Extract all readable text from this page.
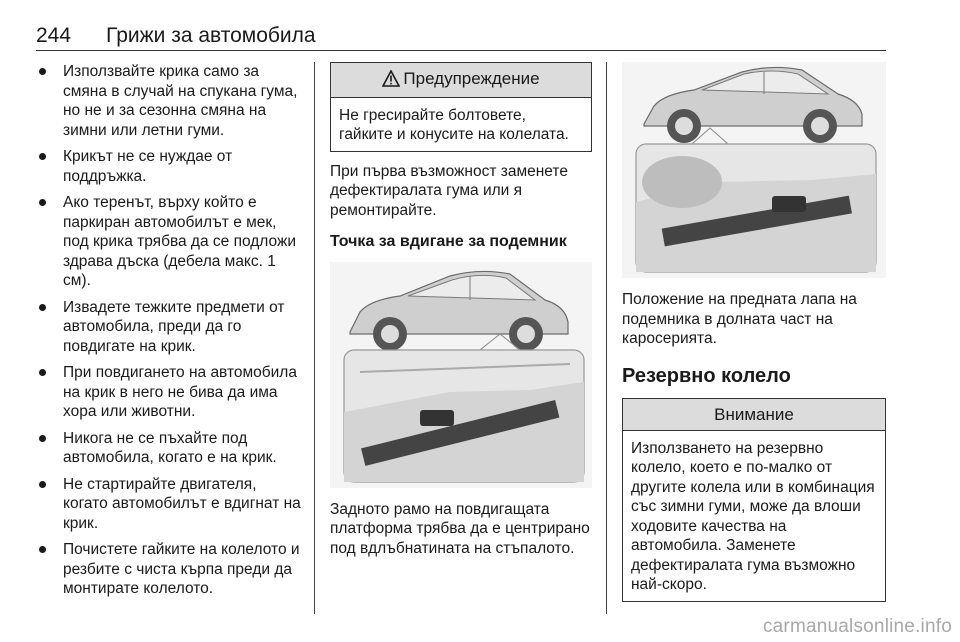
244 Грижи за автомобила
Използвайте крика само за смяна в случай на спукана гума, но не и за сезонна смяна на зимни или летни гуми.
Крикът не се нуждае от поддръжка.
Ако теренът, върху който е паркиран автомобилът е мек, под крика трябва да се подложи здрава дъска (дебела макс. 1 см).
Извадете тежките предмети от автомобила, преди да го повдигате на крик.
При повдигането на автомобила на крик в него не бива да има хора или животни.
Никога не се пъхайте под автомобила, когато е на крик.
Не стартирайте двигателя, когато автомобилът е вдигнат на крик.
Почистете гайките на колелото и резбите с чиста кърпа преди да монтирате колелото.
Предупреждение
Не гресирайте болтовете, гайките и конусите на колелата.

При първа възможност заменете дефектиралата гума или я ремонтирайте.

Точка за вдигане за подемник

Задното рамо на повдигащата платформа трябва да е центрирано под вдлъбнатината на стъпалото.

Положение на предната лапа на подемника в долната част на каросерията.

Резервно колело

Внимание
Използването на резервно колело, което е по-малко от другите колела или в комбинация със зимни гуми, може да влоши ходовите качества на автомобила. Заменете дефектиралата гума възможно най-скоро.
carmanualsonline.info
